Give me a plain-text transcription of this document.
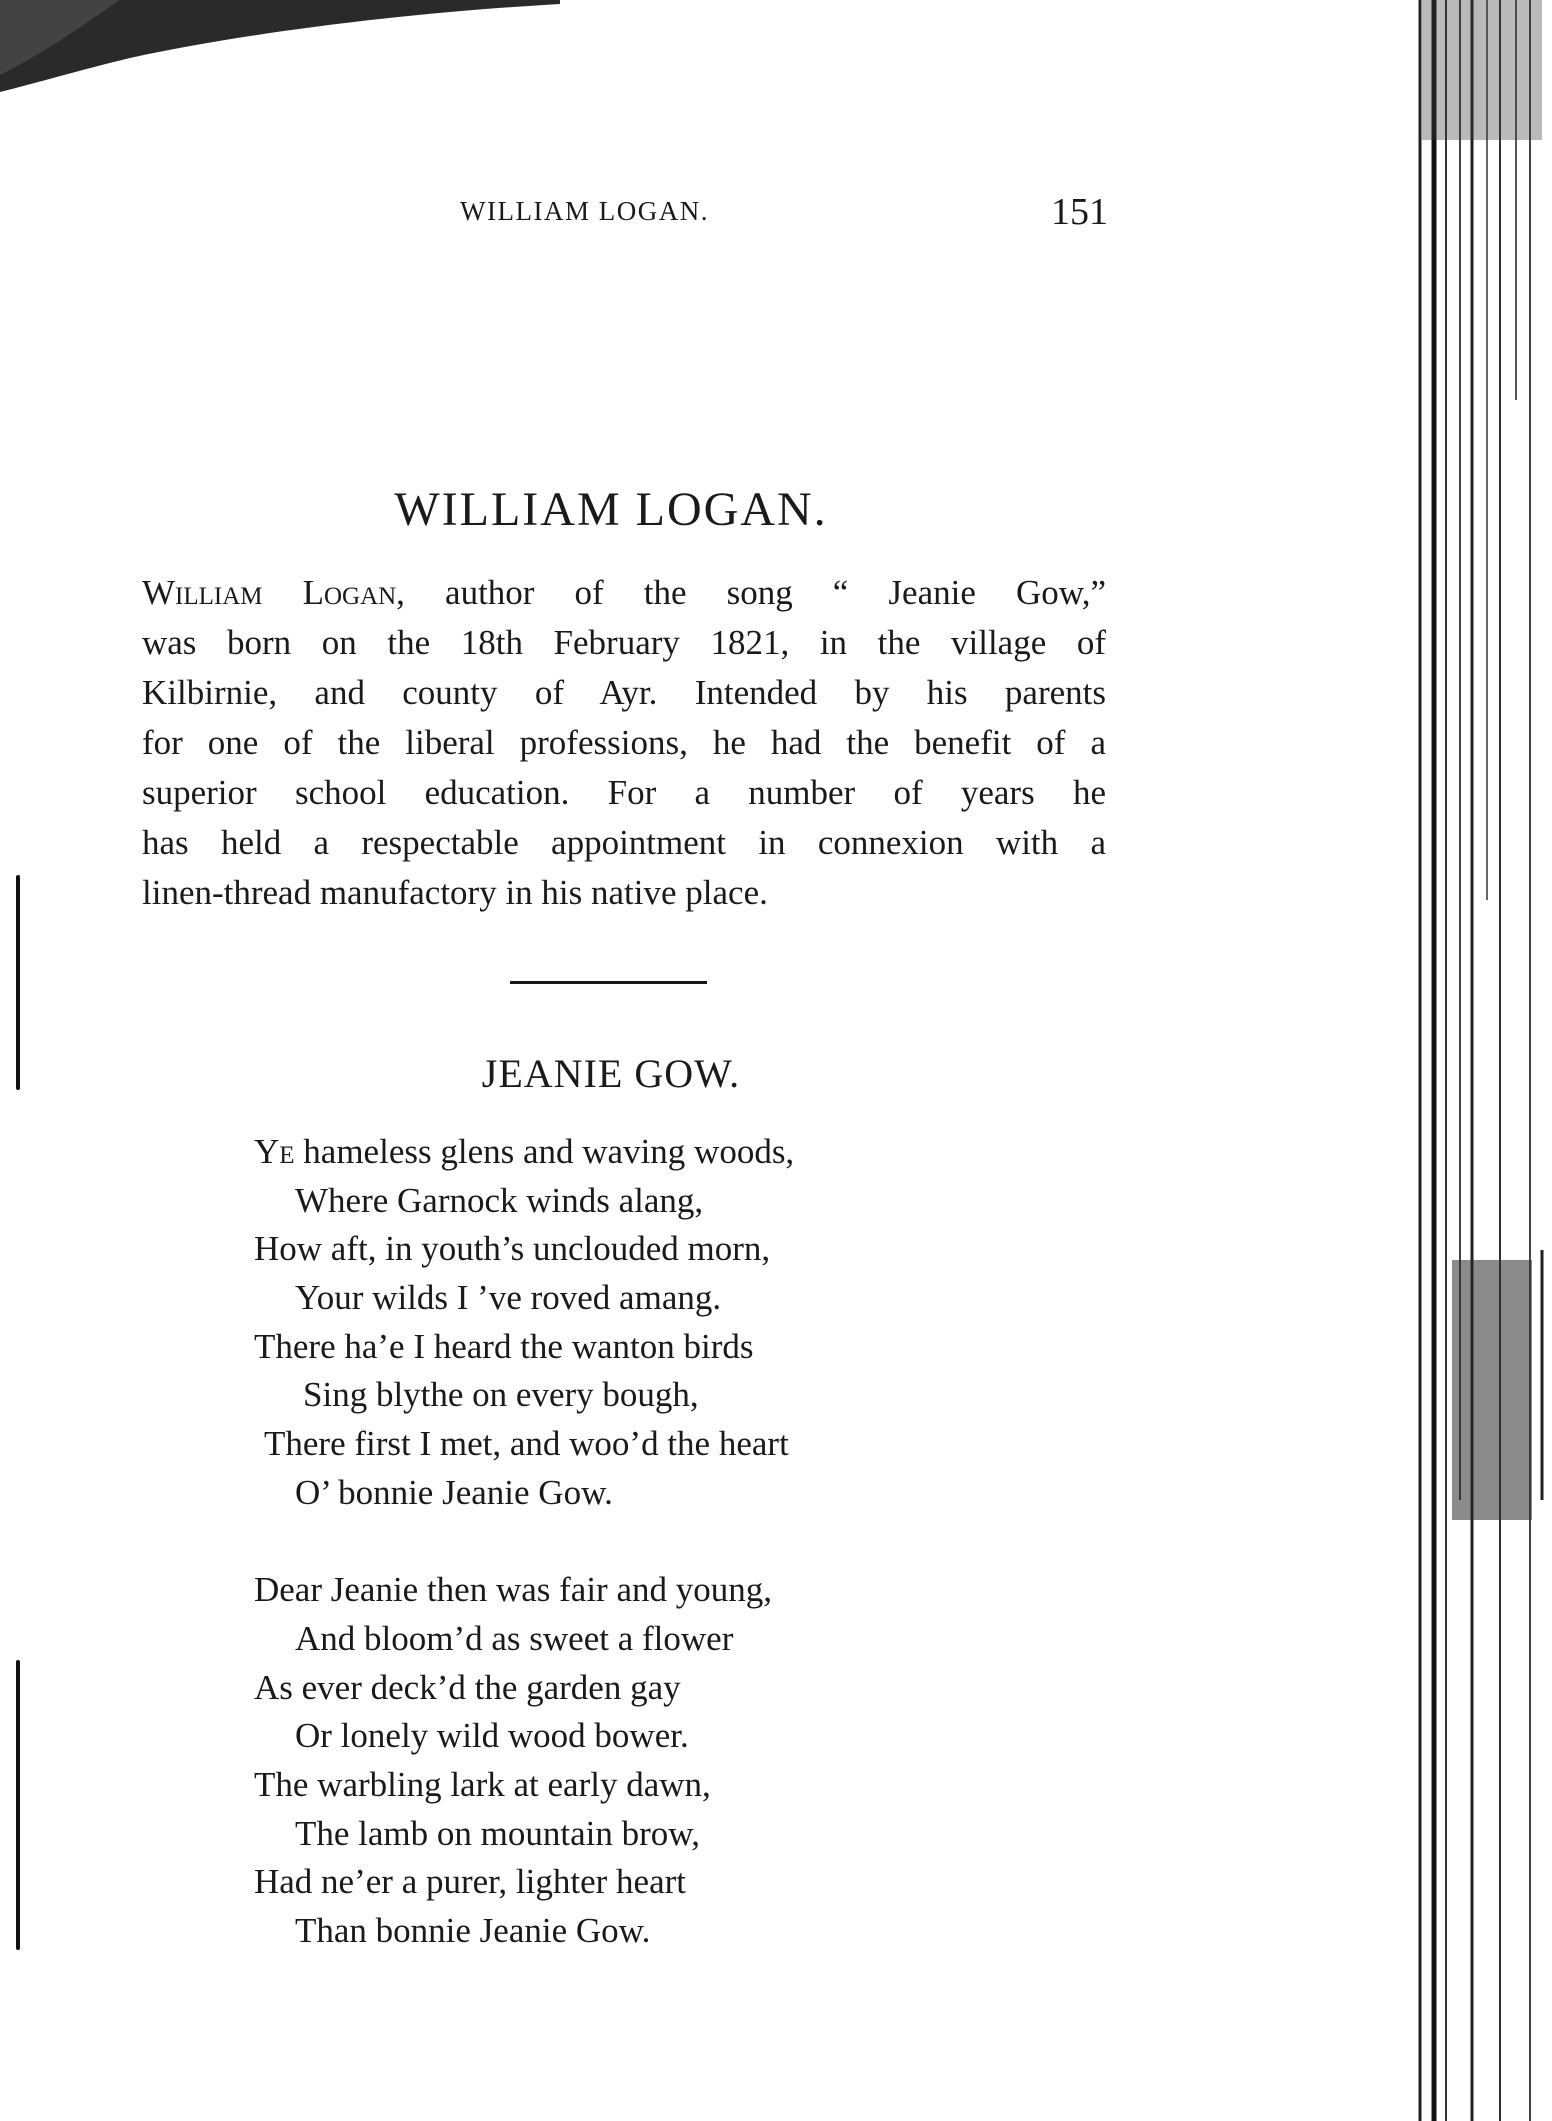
WILLIAM LOGAN.	151
WILLIAM LOGAN.
William Logan, author of the song “ Jeanie Gow,”
was born on the 18th February 1821, in the village of
Kilbirnie, and county of Ayr. Intended by his parents
for one of the liberal professions, he had the benefit of a
superior school education. For a number of years he
has held a respectable appointment in connexion with a
linen-thread manufactory in his native place.
JEANIE GOW.
Ye hameless glens and waving woods,
Where Garnock winds alang,
How aft, in youth’s unclouded morn,
Your wilds I ’ve roved amang.
There ha’e I heard the wanton birds
Sing blythe on every bough,
There first I met, and woo’d the heart
O’ bonnie Jeanie Gow.
Dear Jeanie then was fair and young,
And bloom’d as sweet a flower
As ever deck’d the garden gay
Or lonely wild wood bower.
The warbling lark at early dawn,
The lamb on mountain brow,
Had ne’er a purer, lighter heart
Than bonnie Jeanie Gow.
